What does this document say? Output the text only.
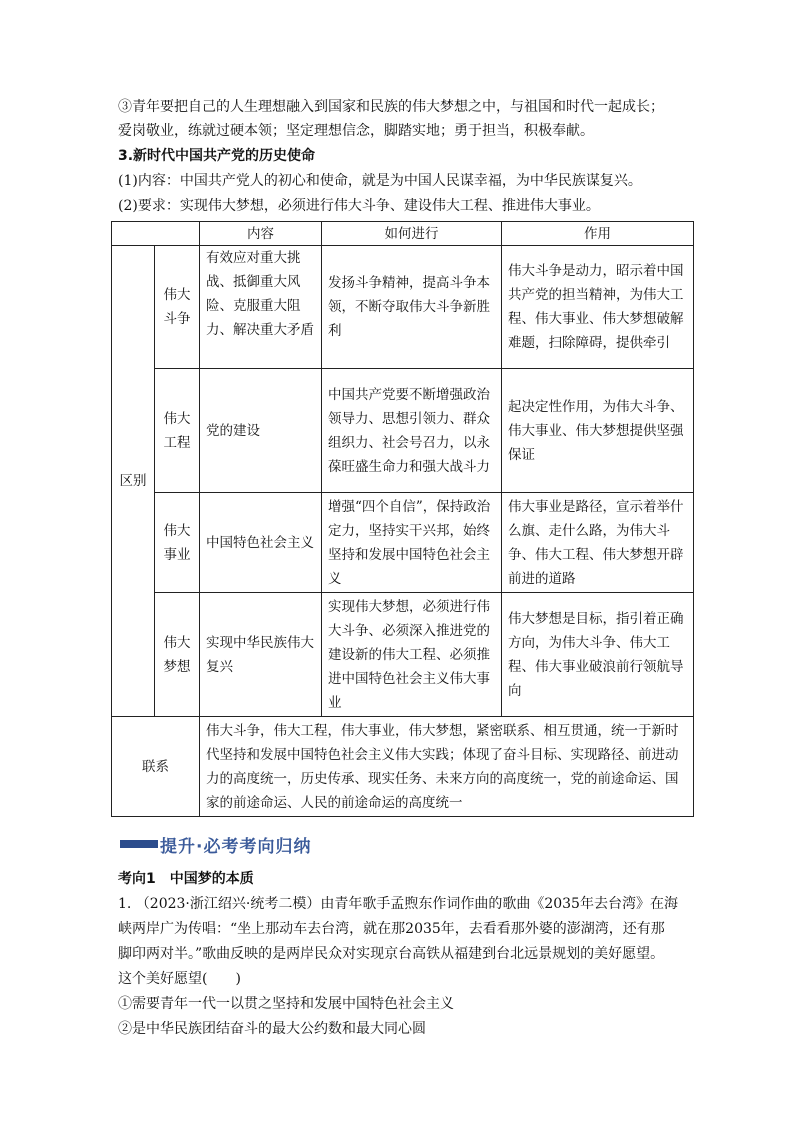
③青年要把自己的人生理想融入到国家和民族的伟大梦想之中，与祖国和时代一起成长；
爱岗敬业，练就过硬本领；坚定理想信念，脚踏实地；勇于担当，积极奉献。
3.新时代中国共产党的历史使命
(1)内容：中国共产党人的初心和使命，就是为中国人民谋幸福，为中华民族谋复兴。
(2)要求：实现伟大梦想，必须进行伟大斗争、建设伟大工程、推进伟大事业。
		内容	如何进行	作用
区别	伟大斗争	有效应对重大挑战、抵御重大风险、克服重大阻力、解决重大矛盾	发扬斗争精神，提高斗争本领，不断夺取伟大斗争新胜利	伟大斗争是动力，昭示着中国共产党的担当精神，为伟大工程、伟大事业、伟大梦想破解难题，扫除障碍，提供牵引
	伟大工程	党的建设	中国共产党要不断增强政治领导力、思想引领力、群众组织力、社会号召力，以永葆旺盛生命力和强大战斗力	起决定性作用，为伟大斗争、伟大事业、伟大梦想提供坚强保证
	伟大事业	中国特色社会主义	增强“四个自信”，保持政治定力，坚持实干兴邦，始终坚持和发展中国特色社会主义	伟大事业是路径，宣示着举什么旗、走什么路，为伟大斗争、伟大工程、伟大梦想开辟前进的道路
	伟大梦想	实现中华民族伟大复兴	实现伟大梦想，必须进行伟大斗争、必须深入推进党的建设新的伟大工程、必须推进中国特色社会主义伟大事业	伟大梦想是目标，指引着正确方向，为伟大斗争、伟大工程、伟大事业破浪前行领航导向
联系		伟大斗争，伟大工程，伟大事业，伟大梦想，紧密联系、相互贯通，统一于新时代坚持和发展中国特色社会主义伟大实践；体现了奋斗目标、实现路径、前进动力的高度统一，历史传承、现实任务、未来方向的高度统一，党的前途命运、国家的前途命运、人民的前途命运的高度统一		
提升·必考考向归纳
考向1　中国梦的本质
1. （2023·浙江绍兴·统考二模）由青年歌手孟煦东作词作曲的歌曲《2035年去台湾》在海
峡两岸广为传唱：“坐上那动车去台湾，就在那2035年，去看看那外婆的澎湖湾，还有那
脚印两对半。”歌曲反映的是两岸民众对实现京台高铁从福建到台北远景规划的美好愿望。
这个美好愿望(　　)
①需要青年一代一以贯之坚持和发展中国特色社会主义
②是中华民族团结奋斗的最大公约数和最大同心圆
